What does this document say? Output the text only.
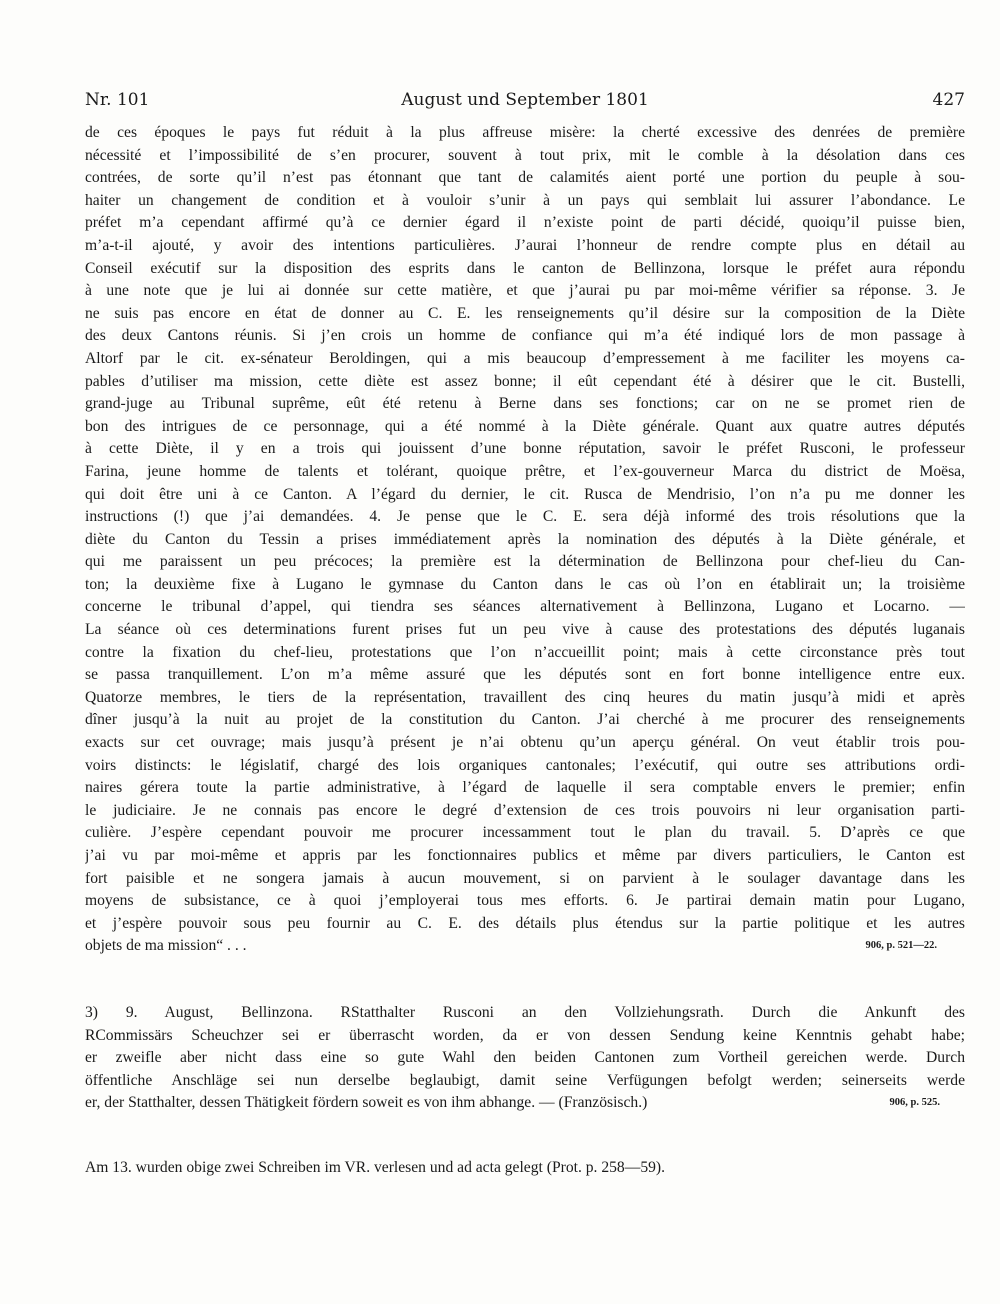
Nr. 101	August und September 1801	427
de ces époques le pays fut réduit à la plus affreuse misère: la cherté excessive des denrées de première
nécessité et l’impossibilité de s’en procurer, souvent à tout prix, mit le comble à la désolation dans ces
contrées, de sorte qu’il n’est pas étonnant que tant de calamités aient porté une portion du peuple à sou-
haiter un changement de condition et à vouloir s’unir à un pays qui semblait lui assurer l’abondance. Le
préfet m’a cependant affirmé qu’à ce dernier égard il n’existe point de parti décidé, quoiqu’il puisse bien,
m’a-t-il ajouté, y avoir des intentions particulières. J’aurai l’honneur de rendre compte plus en détail au
Conseil exécutif sur la disposition des esprits dans le canton de Bellinzona, lorsque le préfet aura répondu
à une note que je lui ai donnée sur cette matière, et que j’aurai pu par moi-même vérifier sa réponse. 3. Je
ne suis pas encore en état de donner au C. E. les renseignements qu’il désire sur la composition de la Diète
des deux Cantons réunis. Si j’en crois un homme de confiance qui m’a été indiqué lors de mon passage à
Altorf par le cit. ex-sénateur Beroldingen, qui a mis beaucoup d’empressement à me faciliter les moyens ca-
pables d’utiliser ma mission, cette diète est assez bonne; il eût cependant été à désirer que le cit. Bustelli,
grand-juge au Tribunal suprême, eût été retenu à Berne dans ses fonctions; car on ne se promet rien de
bon des intrigues de ce personnage, qui a été nommé à la Diète générale. Quant aux quatre autres députés
à cette Diète, il y en a trois qui jouissent d’une bonne réputation, savoir le préfet Rusconi, le professeur
Farina, jeune homme de talents et tolérant, quoique prêtre, et l’ex-gouverneur Marca du district de Moësa,
qui doit être uni à ce Canton. A l’égard du dernier, le cit. Rusca de Mendrisio, l’on n’a pu me donner les
instructions (!) que j’ai demandées. 4. Je pense que le C. E. sera déjà informé des trois résolutions que la
diète du Canton du Tessin a prises immédiatement après la nomination des députés à la Diète générale, et
qui me paraissent un peu précoces; la première est la détermination de Bellinzona pour chef-lieu du Can-
ton; la deuxième fixe à Lugano le gymnase du Canton dans le cas où l’on en établirait un; la troisième
concerne le tribunal d’appel, qui tiendra ses séances alternativement à Bellinzona, Lugano et Locarno. —
La séance où ces determinations furent prises fut un peu vive à cause des protestations des députés luganais
contre la fixation du chef-lieu, protestations que l’on n’accueillit point; mais à cette circonstance près tout
se passa tranquillement. L’on m’a même assuré que les députés sont en fort bonne intelligence entre eux.
Quatorze membres, le tiers de la représentation, travaillent des cinq heures du matin jusqu’à midi et après
dîner jusqu’à la nuit au projet de la constitution du Canton. J’ai cherché à me procurer des renseignements
exacts sur cet ouvrage; mais jusqu’à présent je n’ai obtenu qu’un aperçu général. On veut établir trois pou-
voirs distincts: le législatif, chargé des lois organiques cantonales; l’exécutif, qui outre ses attributions ordi-
naires gérera toute la partie administrative, à l’égard de laquelle il sera comptable envers le premier; enfin
le judiciaire. Je ne connais pas encore le degré d’extension de ces trois pouvoirs ni leur organisation parti-
culière. J’espère cependant pouvoir me procurer incessamment tout le plan du travail. 5. D’après ce que
j’ai vu par moi-même et appris par les fonctionnaires publics et même par divers particuliers, le Canton est
fort paisible et ne songera jamais à aucun mouvement, si on parvient à le soulager davantage dans les
moyens de subsistance, ce à quoi j’employerai tous mes efforts. 6. Je partirai demain matin pour Lugano,
et j’espère pouvoir sous peu fournir au C. E. des détails plus étendus sur la partie politique et les autres
objets de ma mission“ . . .	906, p. 521—22.
3) 9. August, Bellinzona. RStatthalter Rusconi an den Vollziehungsrath. Durch die Ankunft des
RCommissärs Scheuchzer sei er überrascht worden, da er von dessen Sendung keine Kenntnis gehabt habe;
er zweifle aber nicht dass eine so gute Wahl den beiden Cantonen zum Vortheil gereichen werde. Durch
öffentliche Anschläge sei nun derselbe beglaubigt, damit seine Verfügungen befolgt werden; seinerseits werde
er, der Statthalter, dessen Thätigkeit fördern soweit es von ihm abhange. — (Französisch.)	906, p. 525.
Am 13. wurden obige zwei Schreiben im VR. verlesen und ad acta gelegt (Prot. p. 258—59).
